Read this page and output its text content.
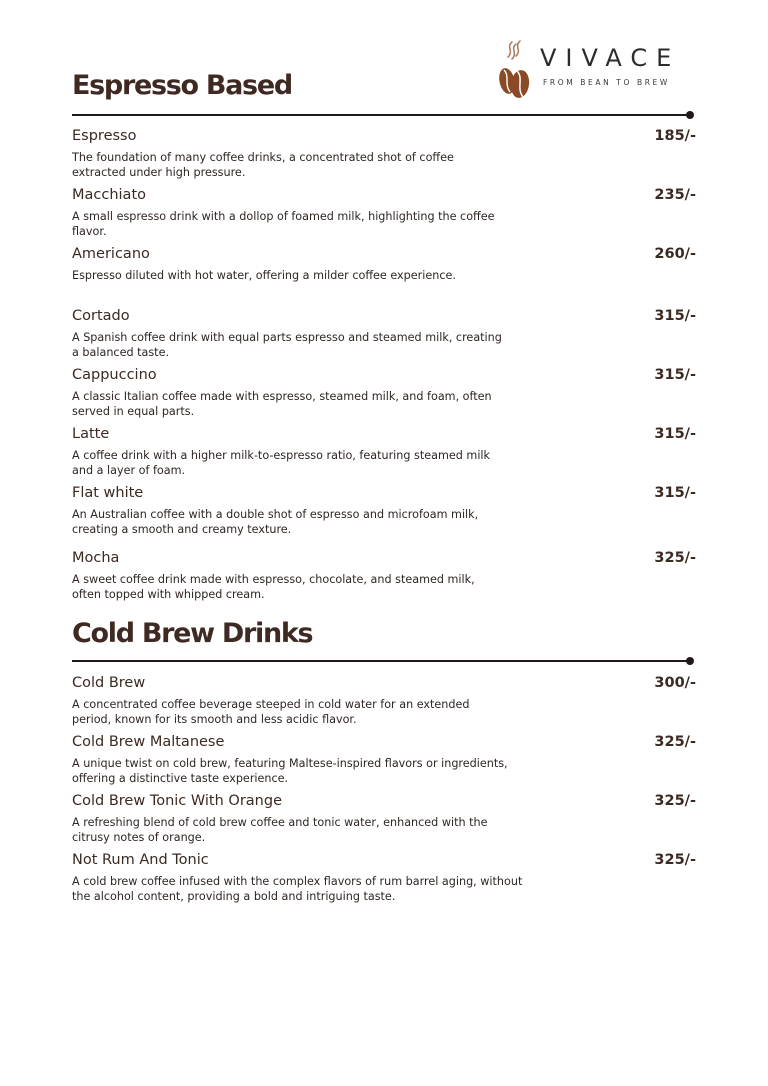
VIVACE
FROM BEAN TO BREW
Espresso Based
Espresso	185/-

The foundation of many coffee drinks, a concentrated shot of coffee extracted under high pressure.

Macchiato	235/-

A small espresso drink with a dollop of foamed milk, highlighting the coffee flavor.

Americano	260/-

Espresso diluted with hot water, offering a milder coffee experience.

Cortado	315/-

A Spanish coffee drink with equal parts espresso and steamed milk, creating a balanced taste.

Cappuccino	315/-

A classic Italian coffee made with espresso, steamed milk, and foam, often served in equal parts.

Latte	315/-

A coffee drink with a higher milk-to-espresso ratio, featuring steamed milk and a layer of foam.

Flat white	315/-

An Australian coffee with a double shot of espresso and microfoam milk, creating a smooth and creamy texture.

Mocha	325/-

A sweet coffee drink made with espresso, chocolate, and steamed milk, often topped with whipped cream.

Cold Brew Drinks
Cold Brew	300/-

A concentrated coffee beverage steeped in cold water for an extended period, known for its smooth and less acidic flavor.

Cold Brew Maltanese	325/-

A unique twist on cold brew, featuring Maltese-inspired flavors or ingredients, offering a distinctive taste experience.

Cold Brew Tonic With Orange	325/-

A refreshing blend of cold brew coffee and tonic water, enhanced with the citrusy notes of orange.

Not Rum And Tonic	325/-

A cold brew coffee infused with the complex flavors of rum barrel aging, without the alcohol content, providing a bold and intriguing taste.
